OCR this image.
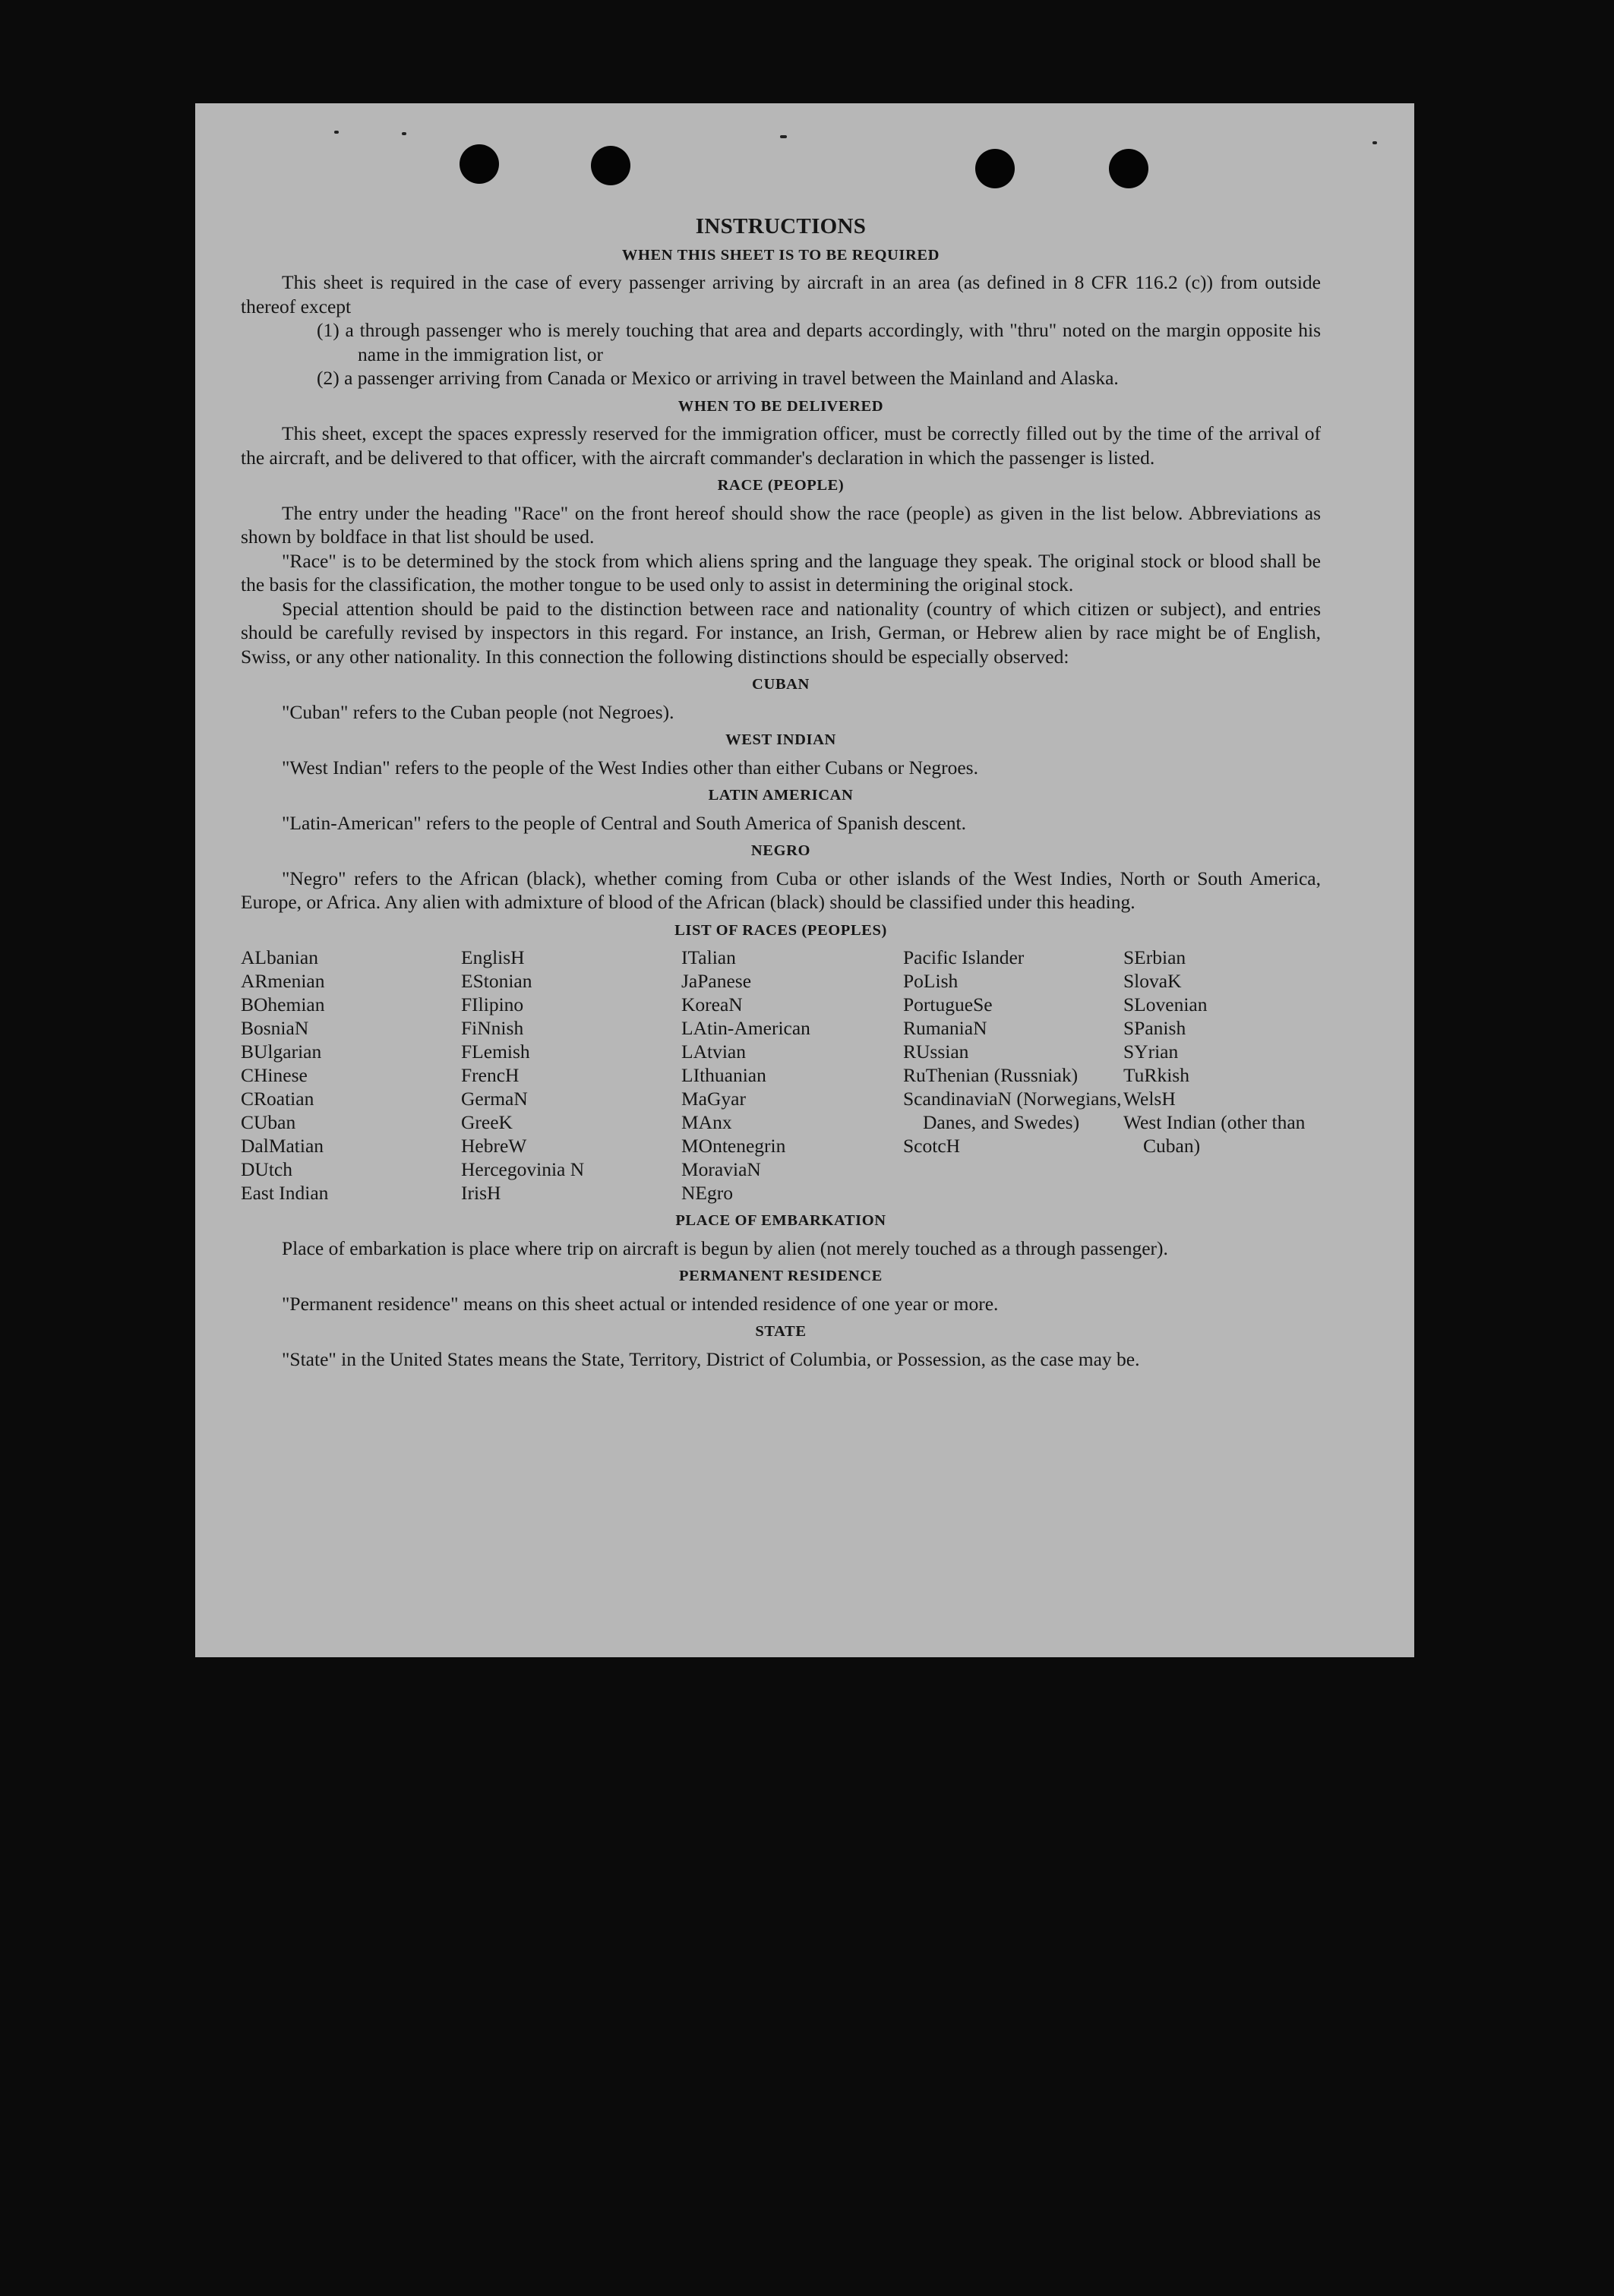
INSTRUCTIONS
WHEN THIS SHEET IS TO BE REQUIRED

This sheet is required in the case of every passenger arriving by aircraft in an area (as defined in 8 CFR 116.2 (c)) from outside thereof except

(1) a through passenger who is merely touching that area and departs accordingly, with "thru" noted on the margin opposite his name in the immigration list, or

(2) a passenger arriving from Canada or Mexico or arriving in travel between the Mainland and Alaska.

WHEN TO BE DELIVERED

This sheet, except the spaces expressly reserved for the immigration officer, must be correctly filled out by the time of the arrival of the aircraft, and be delivered to that officer, with the aircraft commander's declaration in which the passenger is listed.

RACE (PEOPLE)

The entry under the heading "Race" on the front hereof should show the race (people) as given in the list below. Abbreviations as shown by boldface in that list should be used.

"Race" is to be determined by the stock from which aliens spring and the language they speak. The original stock or blood shall be the basis for the classification, the mother tongue to be used only to assist in determining the original stock.

Special attention should be paid to the distinction between race and nationality (country of which citizen or subject), and entries should be carefully revised by inspectors in this regard. For instance, an Irish, German, or Hebrew alien by race might be of English, Swiss, or any other nationality. In this connection the following distinctions should be especially observed:

CUBAN

"Cuban" refers to the Cuban people (not Negroes).

WEST INDIAN

"West Indian" refers to the people of the West Indies other than either Cubans or Negroes.

LATIN AMERICAN

"Latin-American" refers to the people of Central and South America of Spanish descent.

NEGRO

"Negro" refers to the African (black), whether coming from Cuba or other islands of the West Indies, North or South America, Europe, or Africa. Any alien with admixture of blood of the African (black) should be classified under this heading.

LIST OF RACES (PEOPLES)
ALbanian
ARmenian
BOhemian
BosniaN
BUlgarian
CHinese
CRoatian
CUban
DalMatian
DUtch
East Indian
EnglisH
EStonian
FIlipino
FiNnish
FLemish
FrencH
GermaN
GreeK
HebreW
Hercegovinia N
IrisH
ITalian
JaPanese
KoreaN
LAtin-American
LAtvian
LIthuanian
MaGyar
MAnx
MOntenegrin
MoraviaN
NEgro
Pacific Islander
PoLish
PortugueSe
RumaniaN
RUssian
RuThenian (Russniak)
ScandinaviaN (Norwegians, Danes, and Swedes)
ScotcH
SErbian
SlovaK
SLovenian
SPanish
SYrian
TuRkish
WelsH
West Indian (other than Cuban)
PLACE OF EMBARKATION

Place of embarkation is place where trip on aircraft is begun by alien (not merely touched as a through passenger).

PERMANENT RESIDENCE

"Permanent residence" means on this sheet actual or intended residence of one year or more.

STATE

"State" in the United States means the State, Territory, District of Columbia, or Possession, as the case may be.
